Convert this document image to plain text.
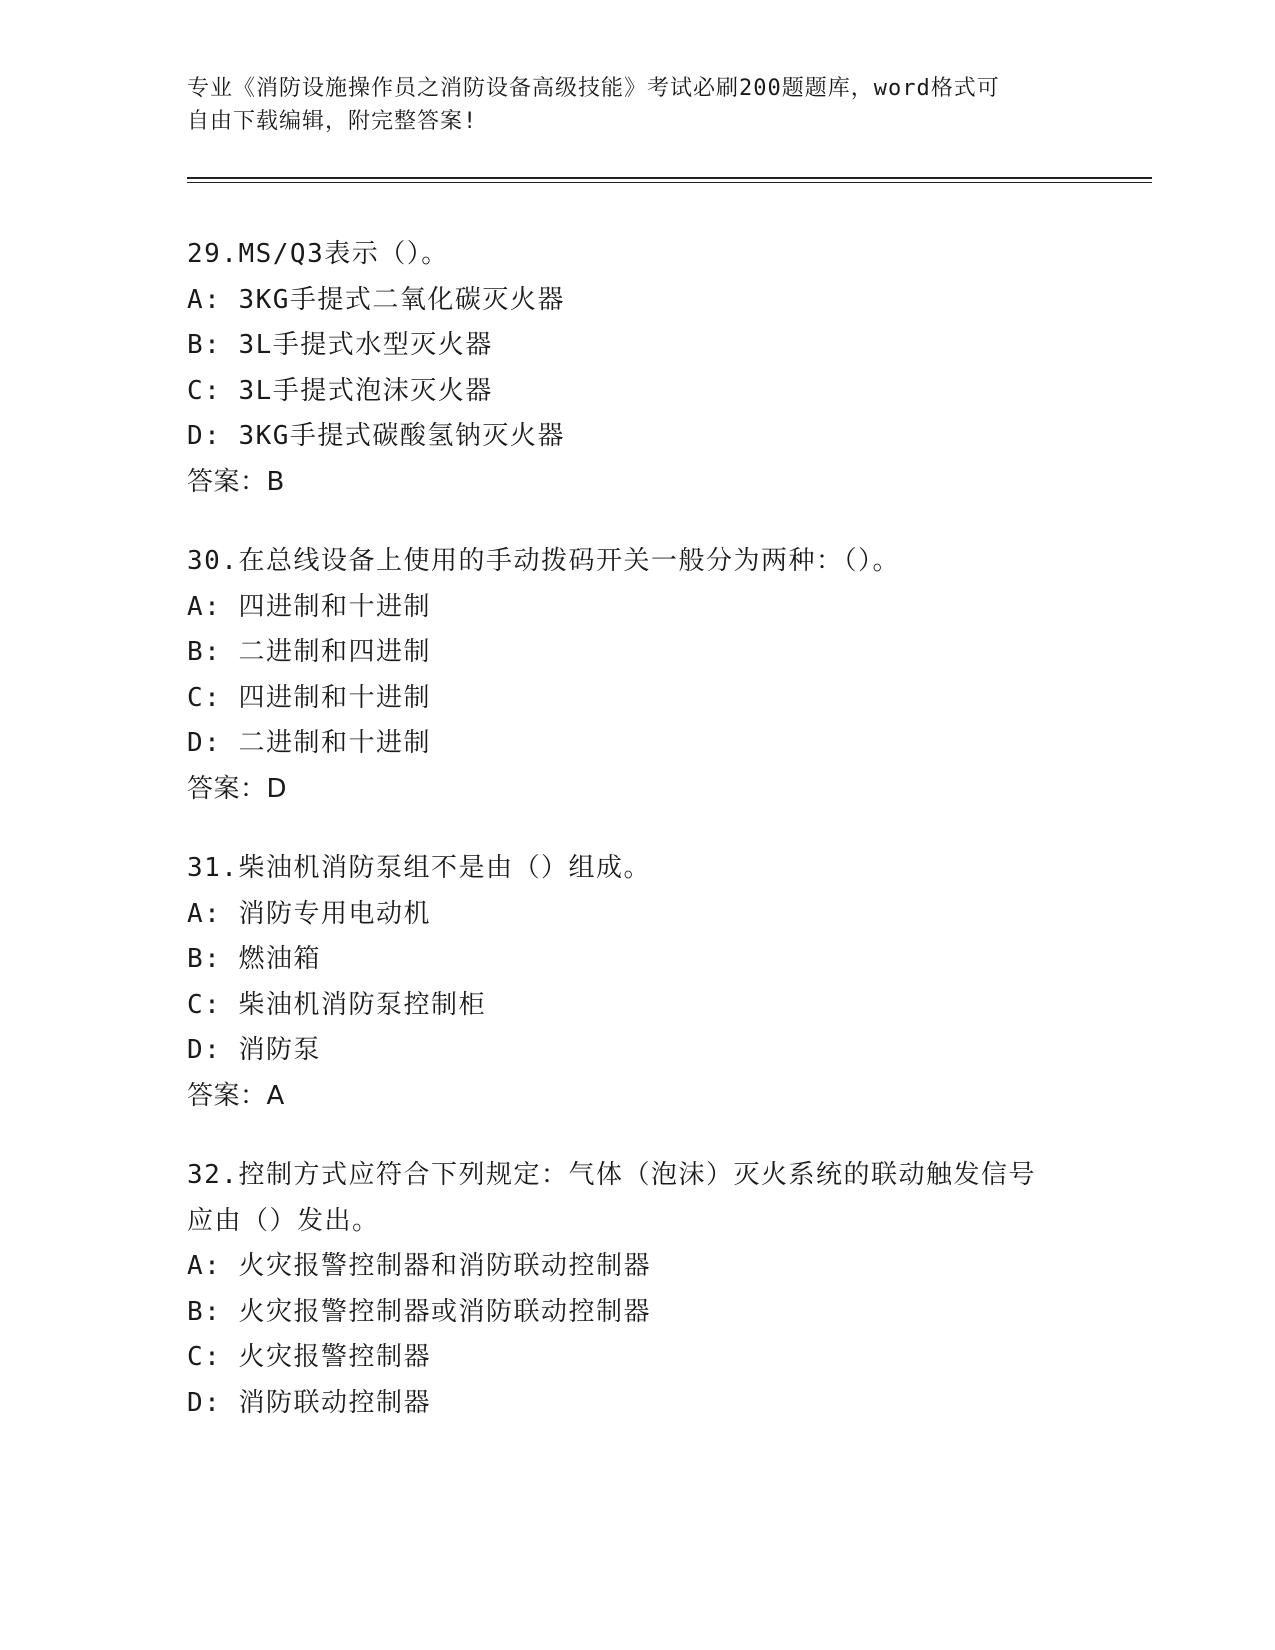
专业《消防设施操作员之消防设备高级技能》考试必刷200题题库，word格式可

自由下载编辑，附完整答案!

29.MS/Q3表示（）。

A: 3KG手提式二氧化碳灭火器

B: 3L手提式水型灭火器

C: 3L手提式泡沫灭火器

D: 3KG手提式碳酸氢钠灭火器

答案：B

30.在总线设备上使用的手动拨码开关一般分为两种：（）。

A: 四进制和十进制

B: 二进制和四进制

C: 四进制和十进制

D: 二进制和十进制

答案：D

31.柴油机消防泵组不是由（）组成。

A: 消防专用电动机

B: 燃油箱

C: 柴油机消防泵控制柜

D: 消防泵

答案：A

32.控制方式应符合下列规定：气体（泡沫）灭火系统的联动触发信号

应由（）发出。

A: 火灾报警控制器和消防联动控制器

B: 火灾报警控制器或消防联动控制器

C: 火灾报警控制器

D: 消防联动控制器
